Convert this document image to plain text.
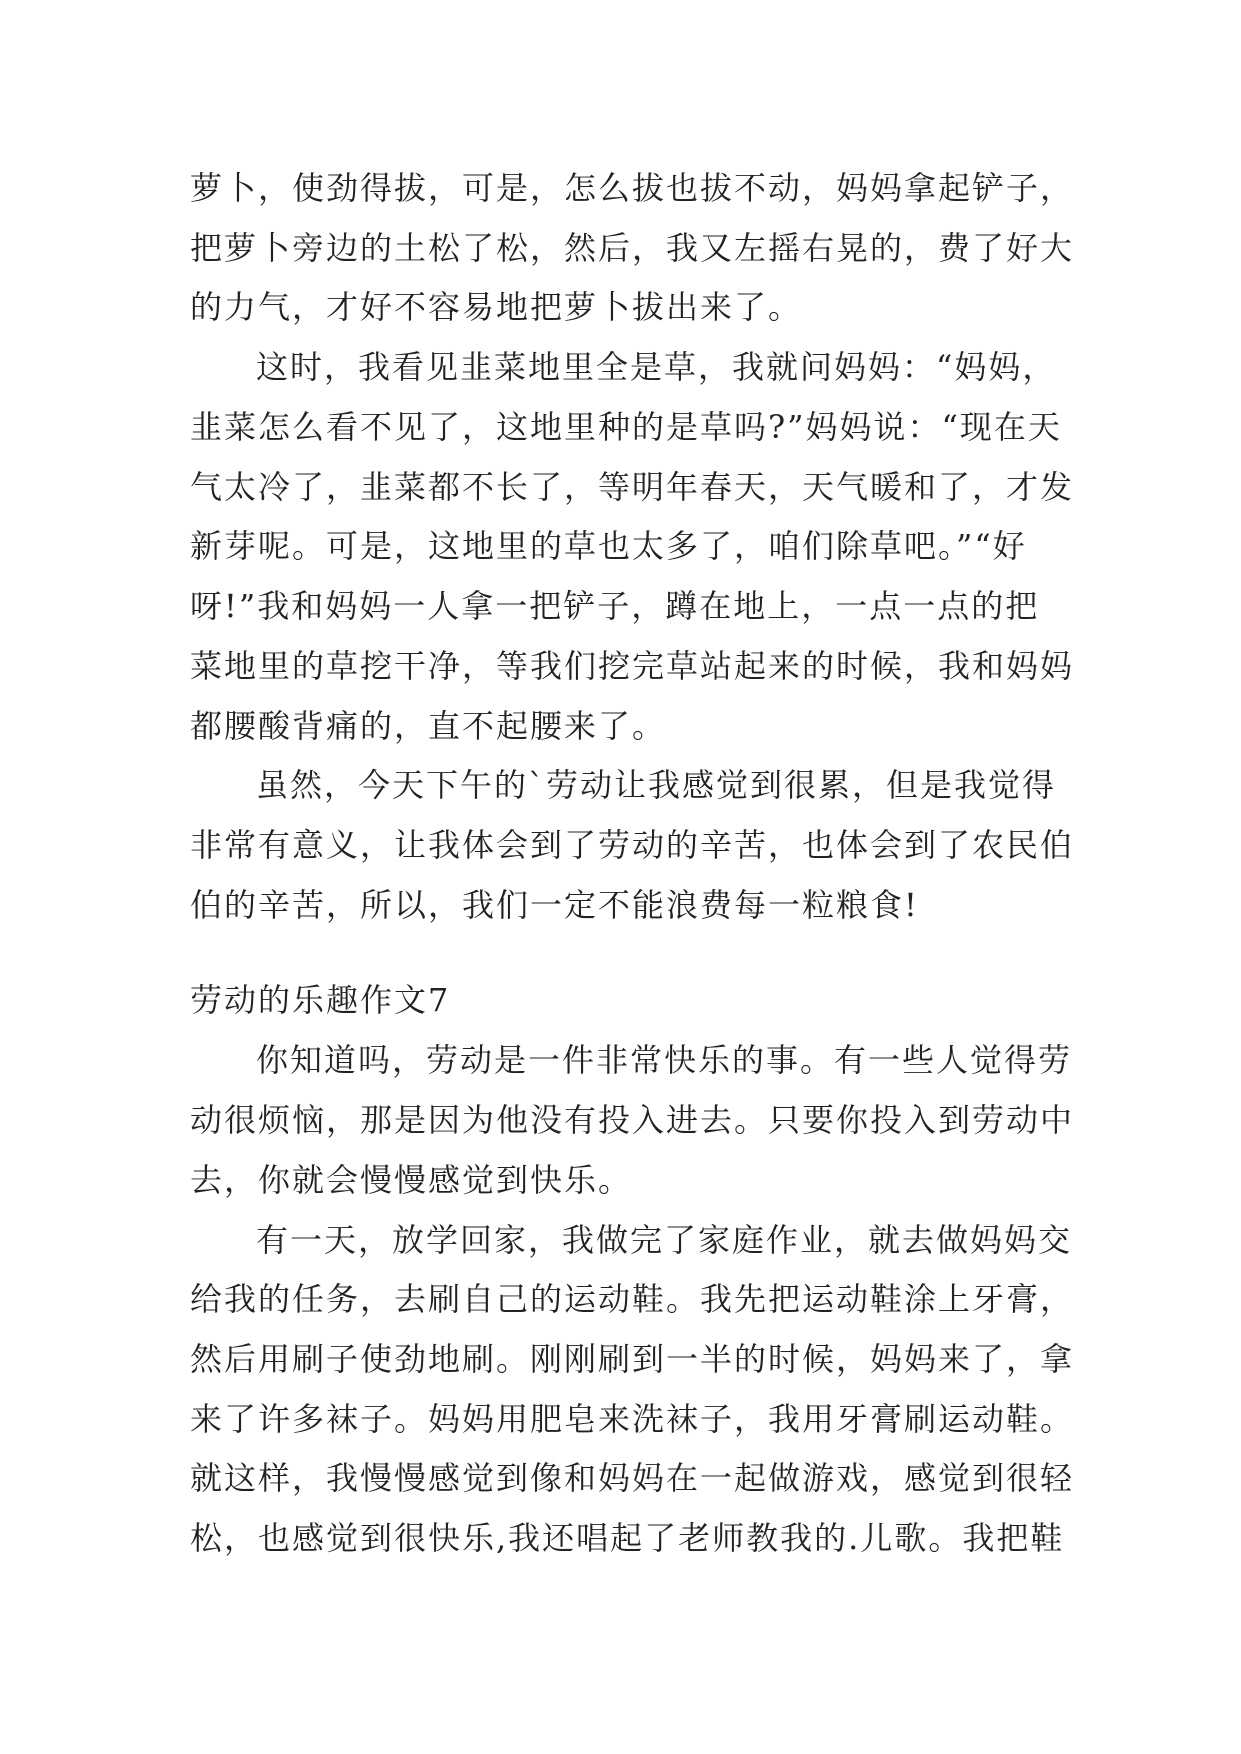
萝卜，使劲得拔，可是，怎么拔也拔不动，妈妈拿起铲子，
把萝卜旁边的土松了松，然后，我又左摇右晃的，费了好大
的力气，才好不容易地把萝卜拔出来了。
这时，我看见韭菜地里全是草，我就问妈妈：“妈妈，
韭菜怎么看不见了，这地里种的是草吗?”妈妈说：“现在天
气太冷了，韭菜都不长了，等明年春天，天气暖和了，才发
新芽呢。可是，这地里的草也太多了，咱们除草吧。”“好
呀!”我和妈妈一人拿一把铲子，蹲在地上，一点一点的把
菜地里的草挖干净，等我们挖完草站起来的时候，我和妈妈
都腰酸背痛的，直不起腰来了。
虽然，今天下午的`劳动让我感觉到很累，但是我觉得
非常有意义，让我体会到了劳动的辛苦，也体会到了农民伯
伯的辛苦，所以，我们一定不能浪费每一粒粮食!
劳动的乐趣作文7
你知道吗，劳动是一件非常快乐的事。有一些人觉得劳
动很烦恼，那是因为他没有投入进去。只要你投入到劳动中
去，你就会慢慢感觉到快乐。
有一天，放学回家，我做完了家庭作业，就去做妈妈交
给我的任务，去刷自己的运动鞋。我先把运动鞋涂上牙膏，
然后用刷子使劲地刷。刚刚刷到一半的时候，妈妈来了，拿
来了许多袜子。妈妈用肥皂来洗袜子，我用牙膏刷运动鞋。
就这样，我慢慢感觉到像和妈妈在一起做游戏，感觉到很轻
松，也感觉到很快乐,我还唱起了老师教我的.儿歌。我把鞋
